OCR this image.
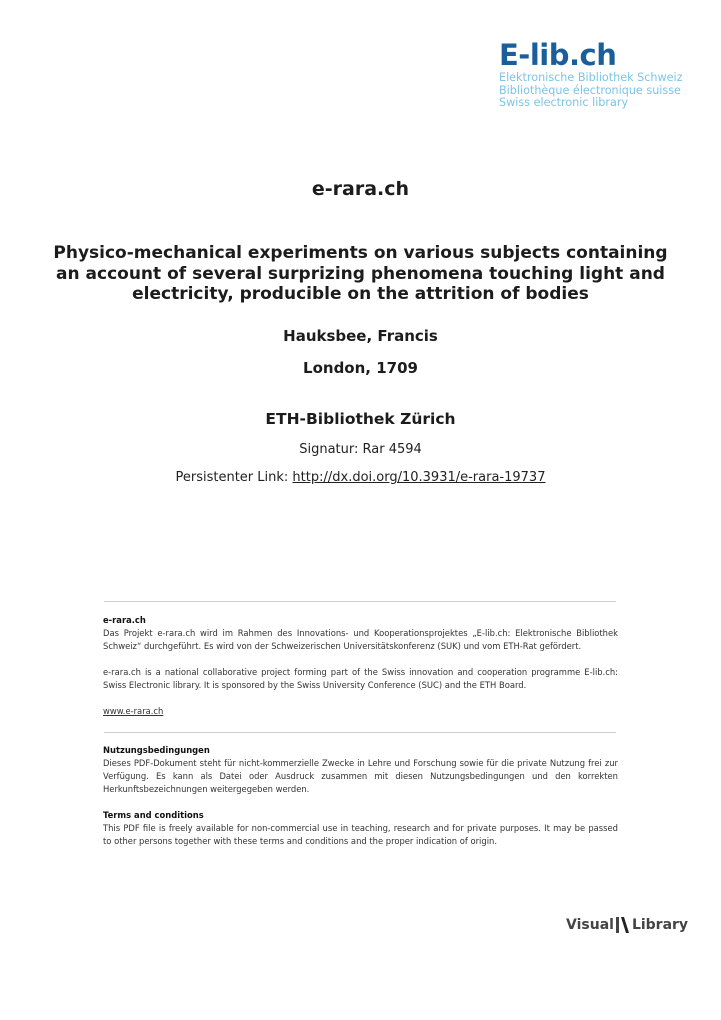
E-lib.ch
Elektronische Bibliothek Schweiz
Bibliothèque électronique suisse
Swiss electronic library
e-rara.ch
Physico-mechanical experiments on various subjects containing an account of several surprizing phenomena touching light and electricity, producible on the attrition of bodies
Hauksbee, Francis
London, 1709
ETH-Bibliothek Zürich
Signatur: Rar 4594
Persistenter Link: http://dx.doi.org/10.3931/e-rara-19737
e-rara.ch

Das Projekt e-rara.ch wird im Rahmen des Innovations- und Kooperationsprojektes „E-lib.ch: Elektronische Bibliothek Schweiz“ durchgeführt. Es wird von der Schweizerischen Universitätskonferenz (SUK) und vom ETH-Rat gefördert.

e-rara.ch is a national collaborative project forming part of the Swiss innovation and cooperation programme E-lib.ch: Swiss Electronic library. It is sponsored by the Swiss University Conference (SUC) and the ETH Board.

www.e-rara.ch

Nutzungsbedingungen

Dieses PDF-Dokument steht für nicht-kommerzielle Zwecke in Lehre und Forschung sowie für die private Nutzung frei zur Verfügung. Es kann als Datei oder Ausdruck zusammen mit diesen Nutzungsbedingungen und den korrekten Herkunftsbezeichnungen weitergegeben werden.

Terms and conditions

This PDF file is freely available for non-commercial use in teaching, research and for private purposes. It may be passed to other persons together with these terms and conditions and the proper indication of origin.

Visual Library
